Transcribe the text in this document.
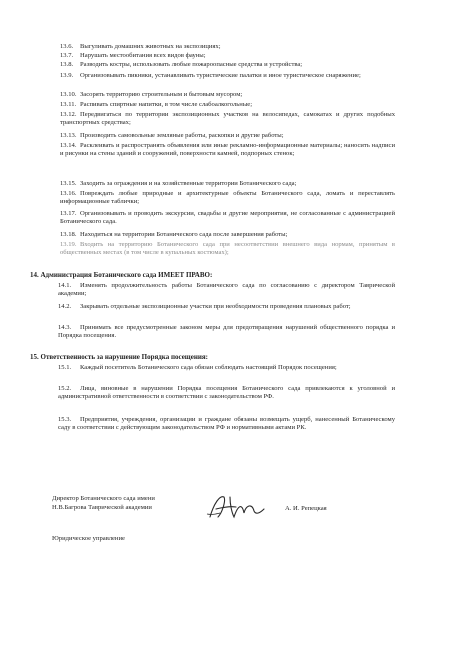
13.6. Выгуливать домашних животных на экспозициях;
13.7. Нарушать местообитания всех видов фауны;
13.8. Разводить костры, использовать любые пожароопасные средства и устройства;
13.9. Организовывать пикники, устанавливать туристические палатки и иное туристическое снаряжение;
13.10. Засорять территорию строительным и бытовым мусором;
13.11. Распивать спиртные напитки, в том числе слабоалкогольные;
13.12. Передвигаться по территории экспозиционных участков на велосипедах, самокатах и других подобных транспортных средствах;
13.13. Производить самовольные земляные работы, раскопки и другие работы;
13.14. Расклеивать и распространять объявления или иные рекламно-информационные материалы; наносить надписи и рисунки на стены зданий и сооружений, поверхности камней, подпорных стенок;
13.15. Заходить за ограждения и на хозяйственные территории Ботанического сада;
13.16. Повреждать любые природные и архитектурные объекты Ботанического сада, ломать и переставлять информационные таблички;
13.17. Организовывать и проводить экскурсии, свадьбы и другие мероприятия, не согласованные с администрацией Ботанического сада.
13.18. Находиться на территории Ботанического сада после завершения работы;
13.19. Входить на территорию Ботанического сада при несоответствии внешнего вида нормам, принятым в общественных местах (в том числе в купальных костюмах);
14. Администрация Ботанического сада ИМЕЕТ ПРАВО:
14.1. Изменять продолжительность работы Ботанического сада по согласованию с директором Таврической академии;
14.2. Закрывать отдельные экспозиционные участки при необходимости проведения плановых работ;
14.3. Принимать все предусмотренные законом меры для предотвращения нарушений общественного порядка и Порядка посещения.
15. Ответственность за нарушение Порядка посещения:
15.1. Каждый посетитель Ботанического сада обязан соблюдать настоящий Порядок посещения;
15.2. Лица, виновные в нарушении Порядка посещения Ботанического сада привлекаются к уголовной и административной ответственности в соответствии с законодательством РФ.
15.3. Предприятия, учреждения, организации и граждане обязаны возмещать ущерб, нанесенный Ботаническому саду в соответствии с действующим законодательством РФ и нормативными актами РК.
Директор Ботанического сада имени
Н.В.Багрова Таврической академии	А. И. Репецкая
Юридическое управление
